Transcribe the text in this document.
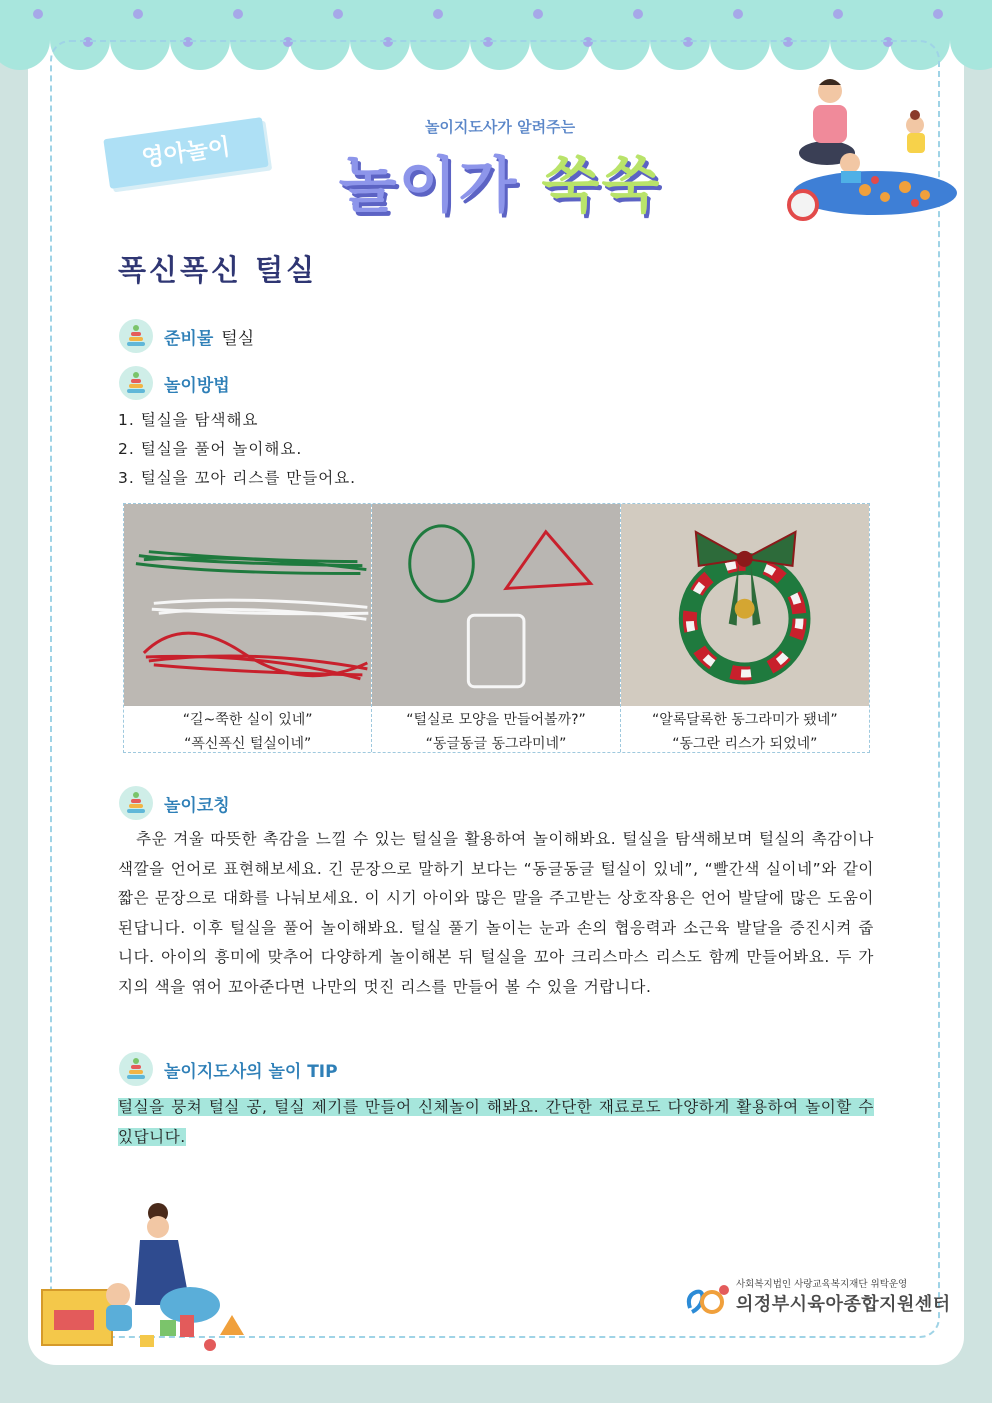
영아놀이
놀이지도사가 알려주는
놀이가 쑥쑥
폭신폭신 털실
준비물 털실
놀이방법
1. 털실을 탐색해요
2. 털실을 풀어 놀이해요.
3. 털실을 꼬아 리스를 만들어요.
“길~쭉한 실이 있네”
“폭신폭신 털실이네”
“털실로 모양을 만들어볼까?”
“동글동글 동그라미네”
“알록달록한 동그라미가 됐네”
“동그란 리스가 되었네”
놀이코칭
추운 겨울 따뜻한 촉감을 느낄 수 있는 털실을 활용하여 놀이해봐요. 털실을 탐색해보며 털실의 촉감이나 색깔을 언어로 표현해보세요. 긴 문장으로 말하기 보다는 “동글동글 털실이 있네”, “빨간색 실이네”와 같이 짧은 문장으로 대화를 나눠보세요. 이 시기 아이와 많은 말을 주고받는 상호작용은 언어 발달에 많은 도움이 된답니다. 이후 털실을 풀어 놀이해봐요. 털실 풀기 놀이는 눈과 손의 협응력과 소근육 발달을 증진시켜 줍니다. 아이의 흥미에 맞추어 다양하게 놀이해본 뒤 털실을 꼬아 크리스마스 리스도 함께 만들어봐요. 두 가지의 색을 엮어 꼬아준다면 나만의 멋진 리스를 만들어 볼 수 있을 거랍니다.
놀이지도사의 놀이 TIP
털실을 뭉쳐 털실 공, 털실 제기를 만들어 신체놀이 해봐요. 간단한 재료로도 다양하게 활용하여 놀이할 수 있답니다.
사회복지법인 사랑교육복지재단 위탁운영
의정부시육아종합지원센터
